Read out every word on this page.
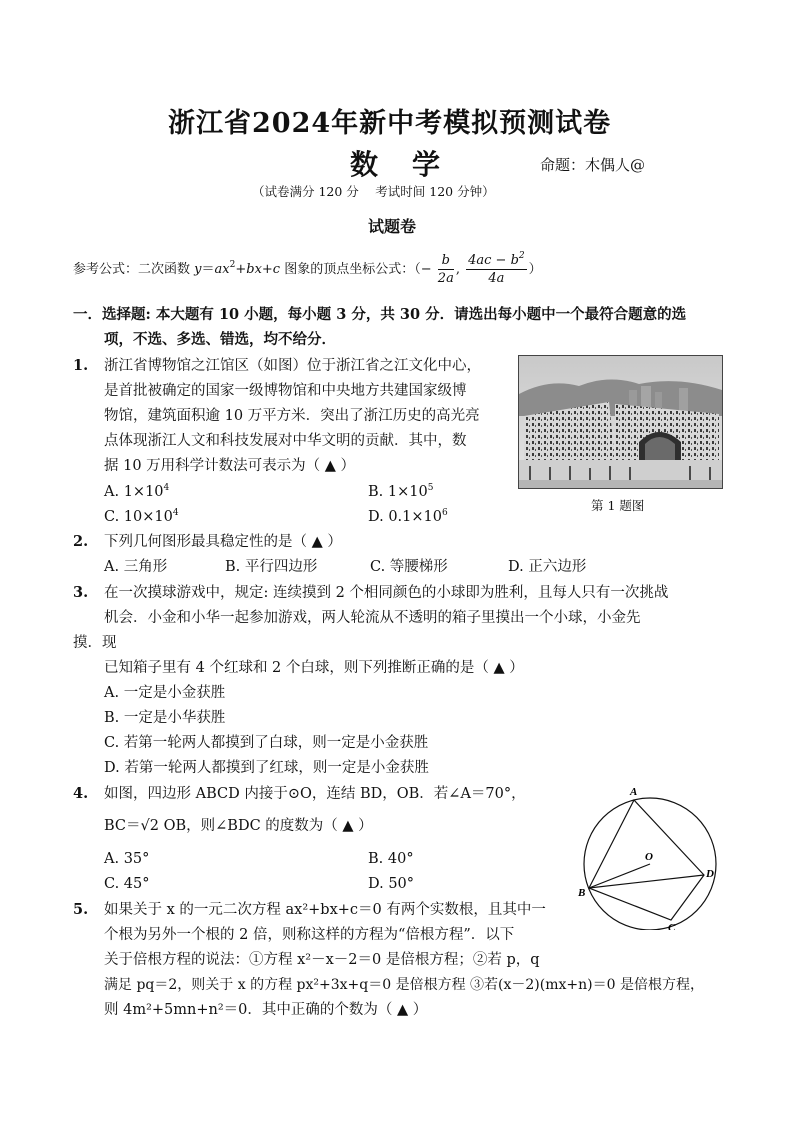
浙江省2024年新中考模拟预测试卷
数学	命题：木偶人@
（试卷满分 120 分　 考试时间 120 分钟）
试题卷
参考公式：二次函数 $y=ax^2+bx+c$ 图象的顶点坐标公式：（− $\frac{b}{2a}$ , $\frac{4ac - b^2}{4a}$ ）
一．选择题: 本大题有 10 小题，每小题 3 分，共 30 分．请选出每小题中一个最符合题意的选
项，不选、多选、错选，均不给分．
1. 浙江省博物馆之江馆区（如图）位于浙江省之江文化中心，
是首批被确定的国家一级博物馆和中央地方共建国家级博
物馆，建筑面积逾 10 万平方米．突出了浙江历史的高光亮
点体现浙江人文和科技发展对中华文明的贡献．其中，数
据 10 万用科学计数法可表示为（ ▲ ）
A. $1\times 10^4$	B. $1\times 10^5$
C. $10\times 10^4$	D. $0.1\times 10^6$	第 1 题图
2. 下列几何图形最具稳定性的是（ ▲ ）
A. 三角形	B. 平行四边形	C. 等腰梯形	D. 正六边形
3. 在一次摸球游戏中，规定: 连续摸到 2 个相同颜色的小球即为胜利，且每人只有一次挑战
机会．小金和小华一起参加游戏，两人轮流从不透明的箱子里摸出一个小球，小金先
摸．现
已知箱子里有 4 个红球和 2 个白球，则下列推断正确的是（ ▲ ）
A. 一定是小金获胜
B. 一定是小华获胜
C. 若第一轮两人都摸到了白球，则一定是小金获胜
D. 若第一轮两人都摸到了红球，则一定是小金获胜
4. 如图，四边形 ABCD 内接于⊙O，连结 BD，OB．若∠A＝70°，
BC＝√2 OB，则∠BDC 的度数为（ ▲ ）
A. 35°	B. 40°
C. 45°	D. 50°
A
O
B
C
D
5. 如果关于 x 的一元二次方程 ax²+bx+c＝0 有两个实数根，且其中一
个根为另外一个根的 2 倍，则称这样的方程为“倍根方程”．以下
关于倍根方程的说法：①方程 x²－x－2＝0 是倍根方程；②若 p，q
满足 pq＝2，则关于 x 的方程 px²+3x+q＝0 是倍根方程 ③若(x－2)(mx+n)＝0 是倍根方程，
则 4m²+5mn+n²＝0．其中正确的个数为（ ▲ ）
